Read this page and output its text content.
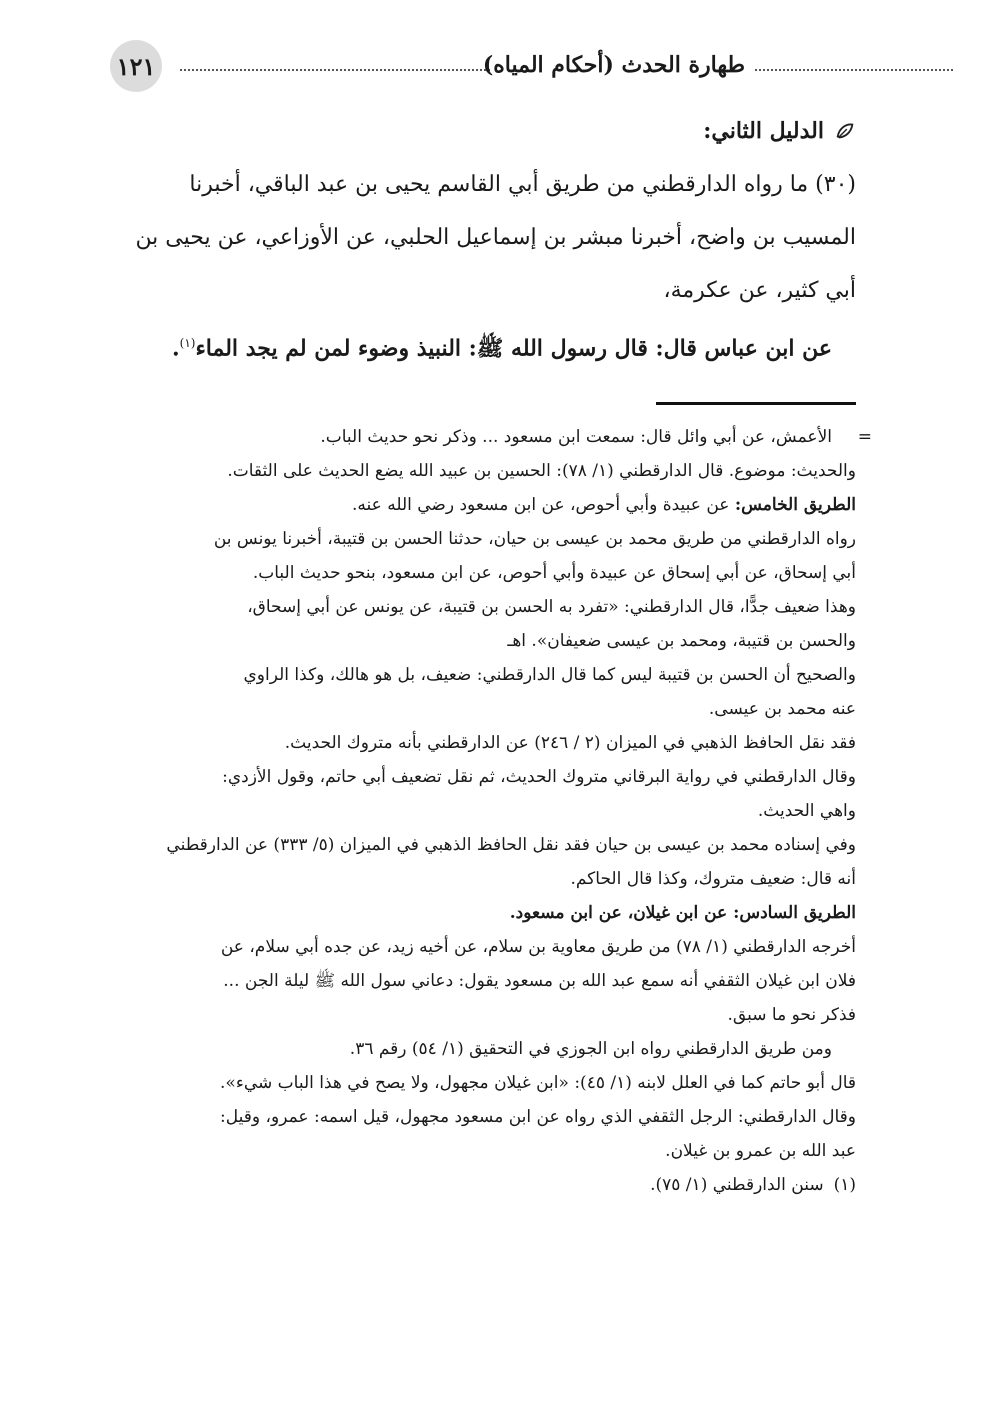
١٢١	طهارة الحدث (أحكام المياه)
الدليل الثاني:

(٣٠) ما رواه الدارقطني من طريق أبي القاسم يحيى بن عبد الباقي، أخبرنا

المسيب بن واضح، أخبرنا مبشر بن إسماعيل الحلبي، عن الأوزاعي، عن يحيى بن

أبي كثير، عن عكرمة،

عن ابن عباس قال: قال رسول الله ﷺ: النبيذ وضوء لمن لم يجد الماء$^{(١)}$.

=

الأعمش، عن أبي وائل قال: سمعت ابن مسعود ... وذكر نحو حديث الباب.

والحديث: موضوع. قال الدارقطني (١/ ٧٨): الحسين بن عبيد الله يضع الحديث على الثقات.

الطريق الخامس: عن عبيدة وأبي أحوص، عن ابن مسعود رضي الله عنه.

رواه الدارقطني من طريق محمد بن عيسى بن حيان، حدثنا الحسن بن قتيبة، أخبرنا يونس بن

أبي إسحاق، عن أبي إسحاق عن عبيدة وأبي أحوص، عن ابن مسعود، بنحو حديث الباب.

وهذا ضعيف جدًّا، قال الدارقطني: «تفرد به الحسن بن قتيبة، عن يونس عن أبي إسحاق،

والحسن بن قتيبة، ومحمد بن عيسى ضعيفان». اهـ

والصحيح أن الحسن بن قتيبة ليس كما قال الدارقطني: ضعيف، بل هو هالك، وكذا الراوي

عنه محمد بن عيسى.

فقد نقل الحافظ الذهبي في الميزان (٢ / ٢٤٦) عن الدارقطني بأنه متروك الحديث.

وقال الدارقطني في رواية البرقاني متروك الحديث، ثم نقل تضعيف أبي حاتم، وقول الأزدي:

واهي الحديث.

وفي إسناده محمد بن عيسى بن حيان فقد نقل الحافظ الذهبي في الميزان (٥/ ٣٣٣) عن الدارقطني

أنه قال: ضعيف متروك، وكذا قال الحاكم.

الطريق السادس: عن ابن غيلان، عن ابن مسعود.

أخرجه الدارقطني (١/ ٧٨) من طريق معاوية بن سلام، عن أخيه زيد، عن جده أبي سلام، عن

فلان ابن غيلان الثقفي أنه سمع عبد الله بن مسعود يقول: دعاني سول الله ﷺ ليلة الجن ...

فذكر نحو ما سبق.

ومن طريق الدارقطني رواه ابن الجوزي في التحقيق (١/ ٥٤) رقم ٣٦.

قال أبو حاتم كما في العلل لابنه (١/ ٤٥): «ابن غيلان مجهول، ولا يصح في هذا الباب شيء».

وقال الدارقطني: الرجل الثقفي الذي رواه عن ابن مسعود مجهول، قيل اسمه: عمرو، وقيل:

عبد الله بن عمرو بن غيلان.

(١)
سنن الدارقطني (١/ ٧٥).
